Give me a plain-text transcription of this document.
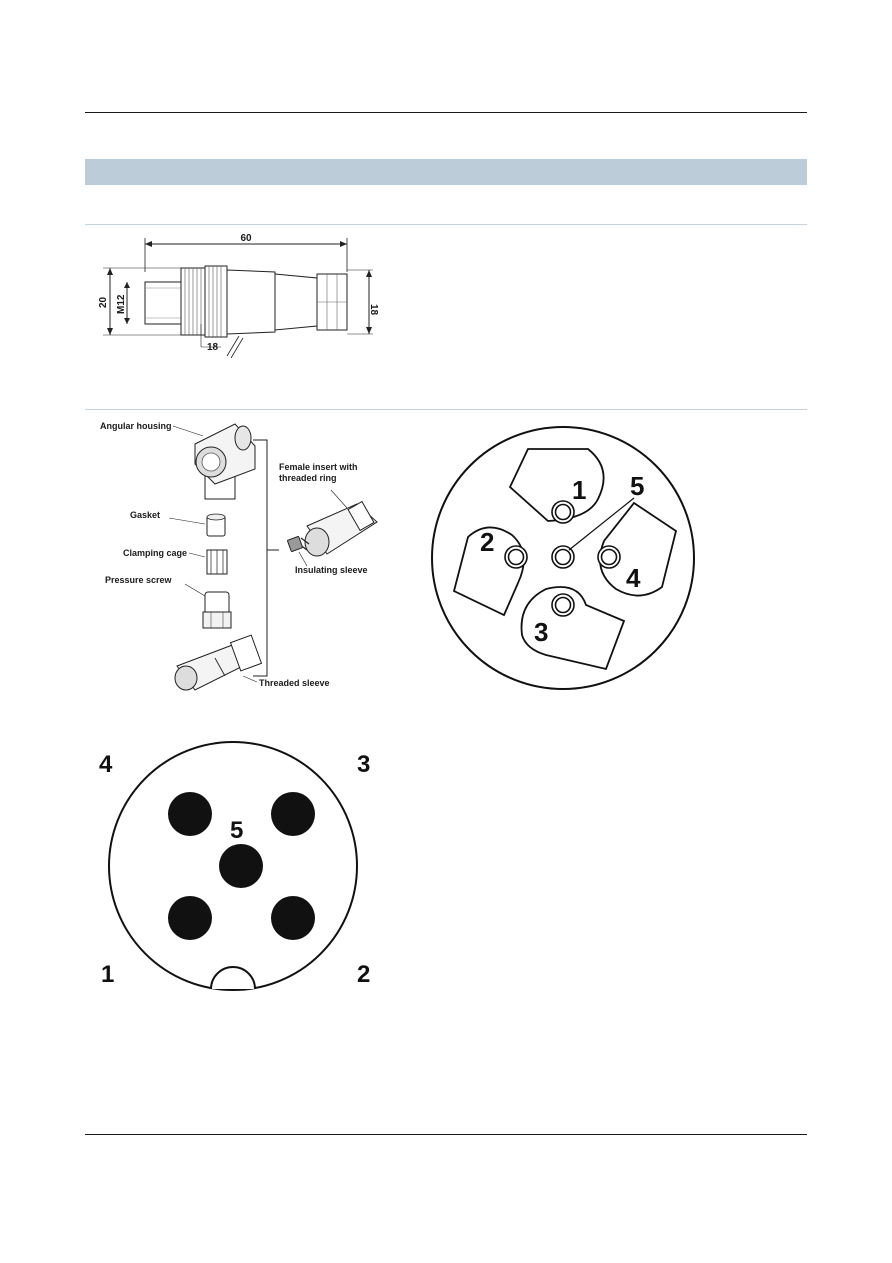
60
20 M12	18
18
Angular housing
Gasket
Clamping cage
Pressure screw
Threaded sleeve
Female insert with
threaded ring
Insulating sleeve
1 5
2
4
3
4	3
1	2
5
